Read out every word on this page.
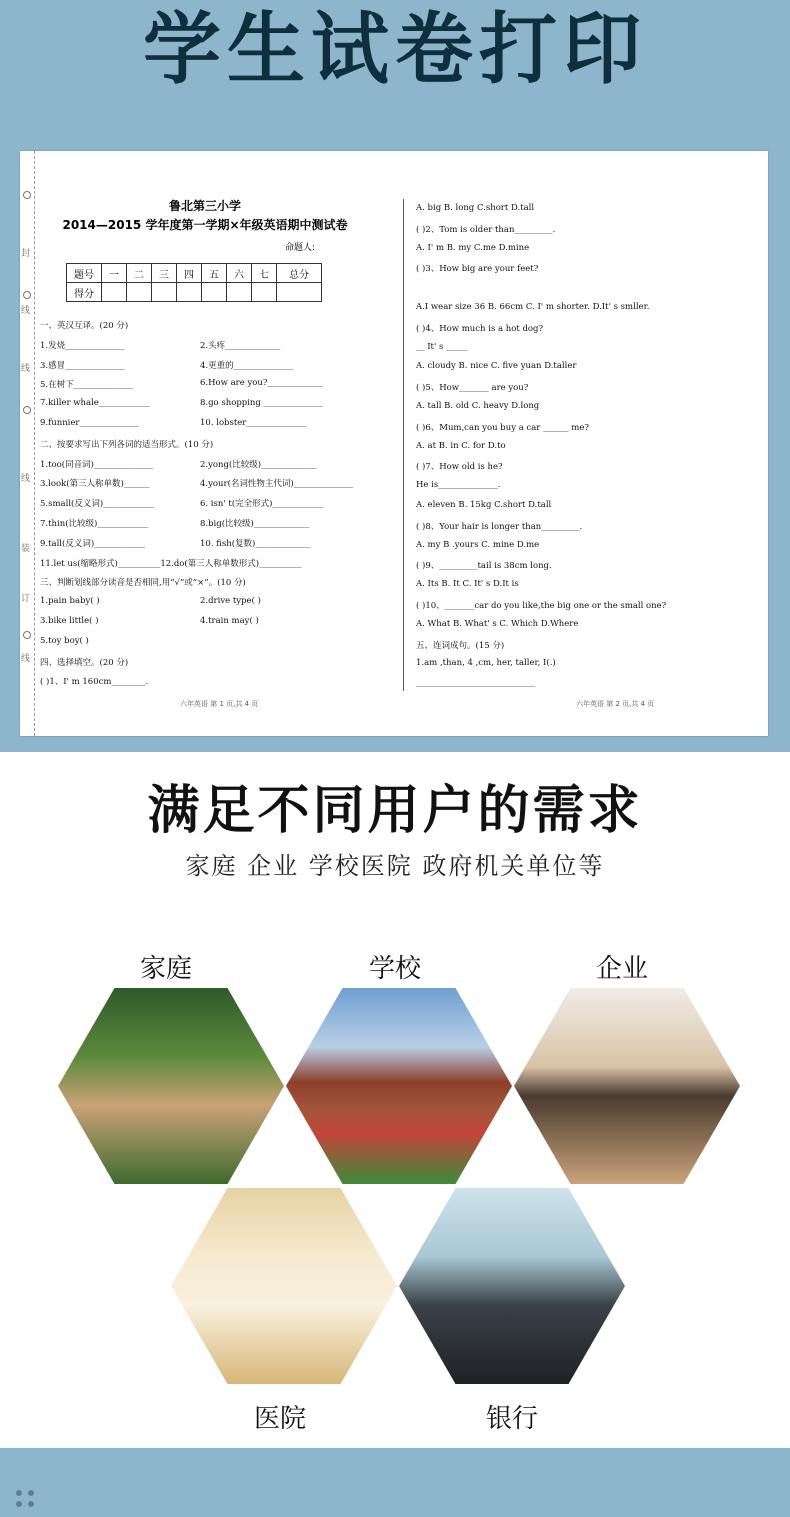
学生试卷打印
封
线
线
线
装
订
线
鲁北第三小学
2014—2015 学年度第一学期×年级英语期中测试卷
命题人:
题号	一	二	三	四	五	六	七	总分
得分								
一、英汉互译。(20 分)
1.发烧______________	2.头疼_____________
3.感冒______________	4.更重的______________
5.在树下______________	6.How are you?_____________
7.killer whale____________	8.go shopping ______________
9.funnier______________	10. lobster______________
二、按要求写出下列各词的适当形式。(10 分)
1.too(同音词)______________	2.yong(比较级)_____________
3.look(第三人称单数)______	4.your(名词性物主代词)______________
5.small(反义词)____________	6. isn' t(完全形式)____________
7.thin(比较级)____________	8.big(比较级)_____________
9.tall(反义词)____________	10. fish(复数)_____________
11.let us(缩略形式)__________12.do(第三人称单数形式)__________
三、判断划线部分读音是否相同,用“√”或“×”。(10 分)
1.pain baby( )	2.drive type( )
3.bike little( )	4.train may( )
5.toy boy( )
四、选择填空。(20 分)
( )1、I' m 160cm________.
A. big B. long C.short D.tall
( )2、Tom is older than_________.
A. I' m B. my C.me D.mine
( )3、How big are your feet?
A.I wear size 36 B. 66cm C. I' m shorter. D.It' s smller.
( )4、How much is a hot dog?
__ It' s _____
A. cloudy B. nice C. five yuan D.taller
( )5、How_______ are you?
A. tall B. old C. heavy D.long
( )6、Mum,can you buy a car ______ me?
A. at B. in C. for D.to
( )7、How old is he?
He is______________.
A. eleven B. 15kg C.short D.tall
( )8、Your hair is longer than_________.
A. my B .yours C. mine D.me
( )9、_________tail is 38cm long.
A. Its B. It C. It' s D.It is
( )10、_______car do you like,the big one or the small one?
A. What B. What' s C. Which D.Where
五、连词成句。(15 分)
1.am ,than, 4 ,cm, her, taller, I(.)
____________________________
六年英语 第 1 页,共 4 页	六年英语 第 2 页,共 4 页
满足不同用户的需求
家庭 企业 学校医院 政府机关单位等
家庭	学校	企业
医院	银行
